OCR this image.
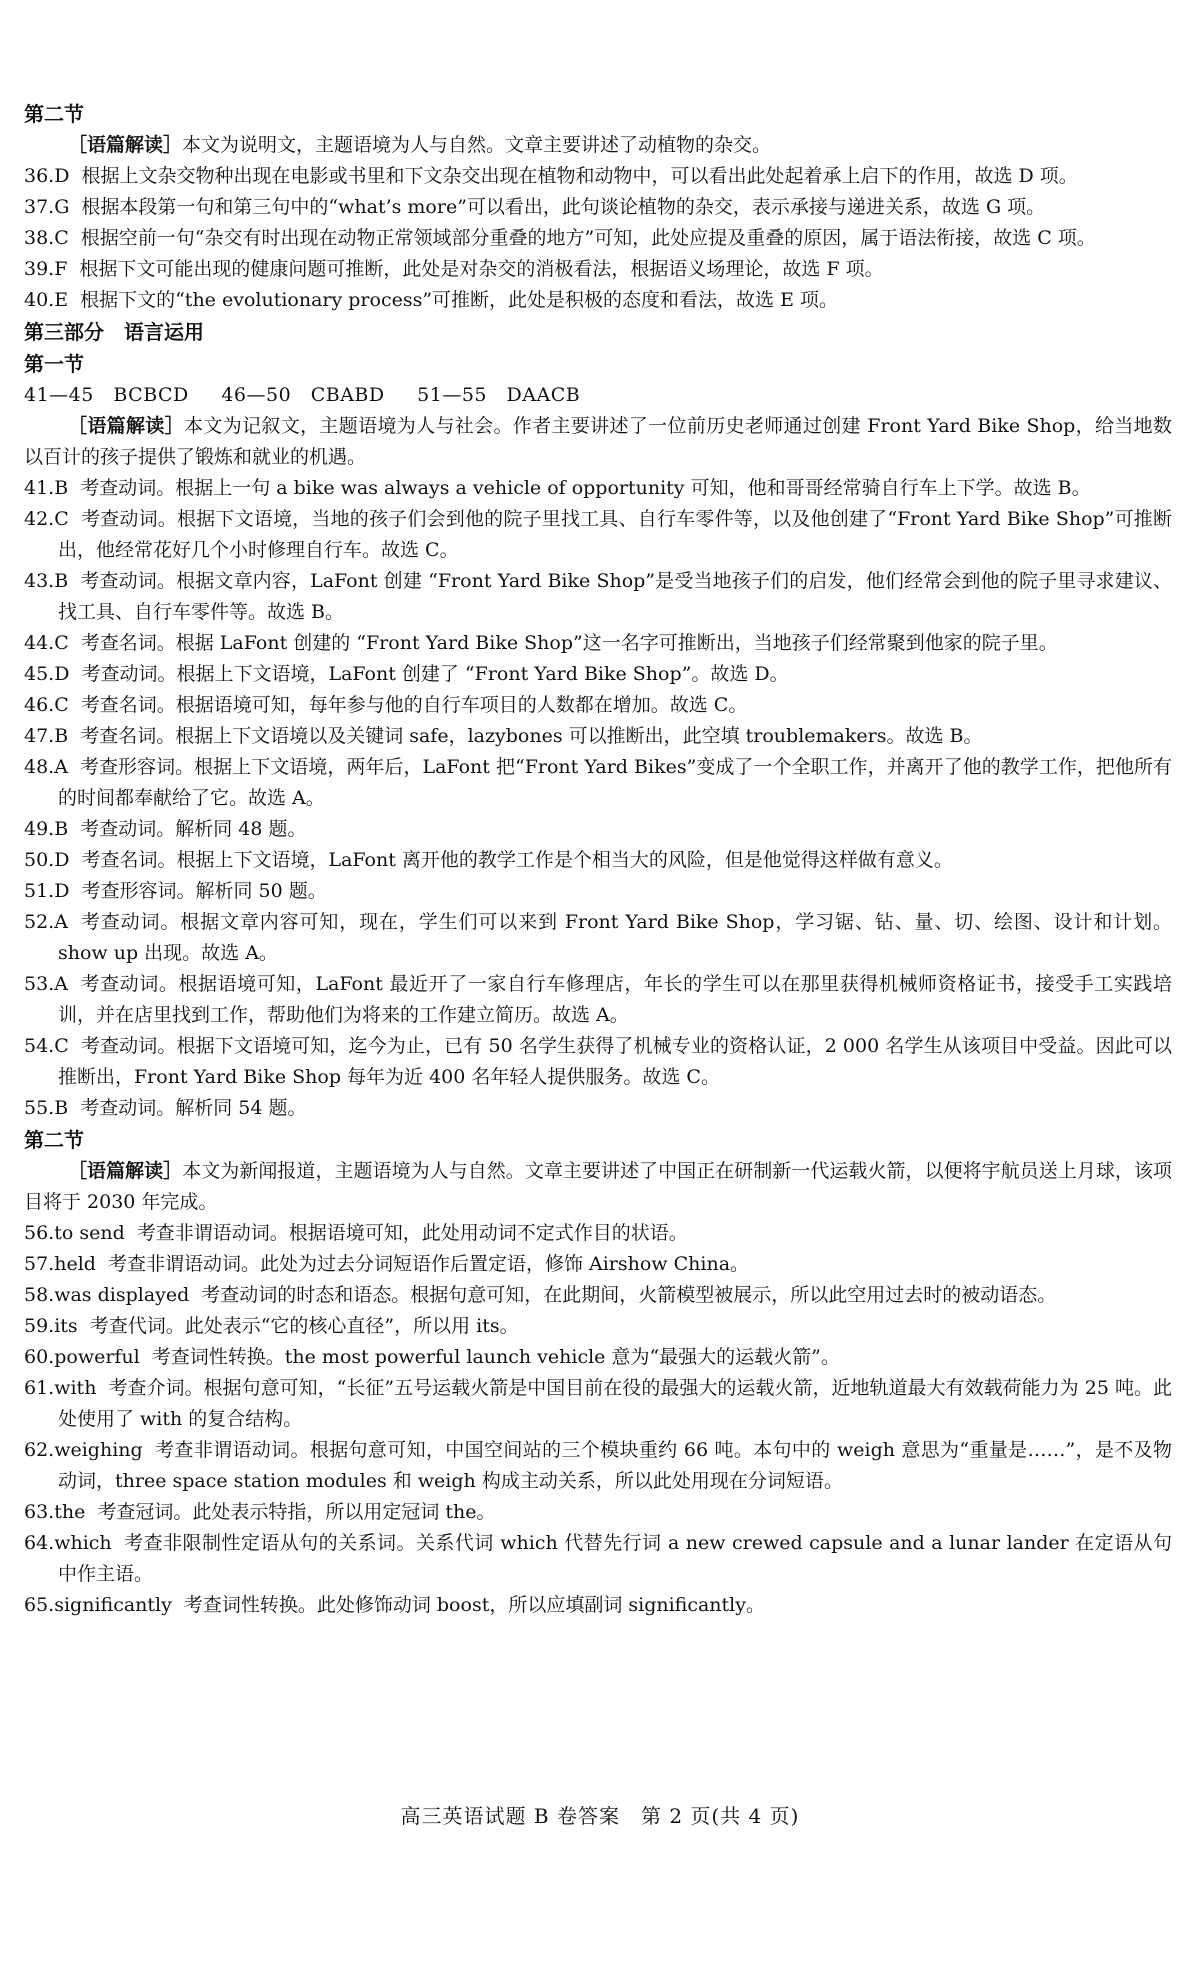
第二节

［语篇解读］本文为说明文，主题语境为人与自然。文章主要讲述了动植物的杂交。

36.D 根据上文杂交物种出现在电影或书里和下文杂交出现在植物和动物中，可以看出此处起着承上启下的作用，故选 D 项。

37.G 根据本段第一句和第三句中的“what’s more”可以看出，此句谈论植物的杂交，表示承接与递进关系，故选 G 项。

38.C 根据空前一句“杂交有时出现在动物正常领域部分重叠的地方”可知，此处应提及重叠的原因，属于语法衔接，故选 C 项。

39.F 根据下文可能出现的健康问题可推断，此处是对杂交的消极看法，根据语义场理论，故选 F 项。

40.E 根据下文的“the evolutionary process”可推断，此处是积极的态度和看法，故选 E 项。

第三部分　语言运用

第一节

41—45　BCBCD 46—50　CBABD 51—55　DAACB

［语篇解读］本文为记叙文，主题语境为人与社会。作者主要讲述了一位前历史老师通过创建 Front Yard Bike Shop，给当地数以百计的孩子提供了锻炼和就业的机遇。

41.B 考查动词。根据上一句 a bike was always a vehicle of opportunity 可知，他和哥哥经常骑自行车上下学。故选 B。

42.C 考查动词。根据下文语境，当地的孩子们会到他的院子里找工具、自行车零件等，以及他创建了“Front Yard Bike Shop”可推断出，他经常花好几个小时修理自行车。故选 C。

43.B 考查动词。根据文章内容，LaFont 创建 “Front Yard Bike Shop”是受当地孩子们的启发，他们经常会到他的院子里寻求建议、找工具、自行车零件等。故选 B。

44.C 考查名词。根据 LaFont 创建的 “Front Yard Bike Shop”这一名字可推断出，当地孩子们经常聚到他家的院子里。

45.D 考查动词。根据上下文语境，LaFont 创建了 “Front Yard Bike Shop”。故选 D。

46.C 考查名词。根据语境可知，每年参与他的自行车项目的人数都在增加。故选 C。

47.B 考查名词。根据上下文语境以及关键词 safe，lazybones 可以推断出，此空填 troublemakers。故选 B。

48.A 考查形容词。根据上下文语境，两年后，LaFont 把“Front Yard Bikes”变成了一个全职工作，并离开了他的教学工作，把他所有的时间都奉献给了它。故选 A。

49.B 考查动词。解析同 48 题。

50.D 考查名词。根据上下文语境，LaFont 离开他的教学工作是个相当大的风险，但是他觉得这样做有意义。

51.D 考查形容词。解析同 50 题。

52.A 考查动词。根据文章内容可知，现在，学生们可以来到 Front Yard Bike Shop，学习锯、钻、量、切、绘图、设计和计划。show up 出现。故选 A。

53.A 考查动词。根据语境可知，LaFont 最近开了一家自行车修理店，年长的学生可以在那里获得机械师资格证书，接受手工实践培训，并在店里找到工作，帮助他们为将来的工作建立简历。故选 A。

54.C 考查动词。根据下文语境可知，迄今为止，已有 50 名学生获得了机械专业的资格认证，2 000 名学生从该项目中受益。因此可以推断出，Front Yard Bike Shop 每年为近 400 名年轻人提供服务。故选 C。

55.B 考查动词。解析同 54 题。

第二节

［语篇解读］本文为新闻报道，主题语境为人与自然。文章主要讲述了中国正在研制新一代运载火箭，以便将宇航员送上月球，该项目将于 2030 年完成。

56.to send 考查非谓语动词。根据语境可知，此处用动词不定式作目的状语。

57.held 考查非谓语动词。此处为过去分词短语作后置定语，修饰 Airshow China。

58.was displayed 考查动词的时态和语态。根据句意可知，在此期间，火箭模型被展示，所以此空用过去时的被动语态。

59.its 考查代词。此处表示“它的核心直径”，所以用 its。

60.powerful 考查词性转换。the most powerful launch vehicle 意为“最强大的运载火箭”。

61.with 考查介词。根据句意可知，“长征”五号运载火箭是中国目前在役的最强大的运载火箭，近地轨道最大有效载荷能力为 25 吨。此处使用了 with 的复合结构。

62.weighing 考查非谓语动词。根据句意可知，中国空间站的三个模块重约 66 吨。本句中的 weigh 意思为“重量是……”，是不及物动词，three space station modules 和 weigh 构成主动关系，所以此处用现在分词短语。

63.the 考查冠词。此处表示特指，所以用定冠词 the。

64.which 考查非限制性定语从句的关系词。关系代词 which 代替先行词 a new crewed capsule and a lunar lander 在定语从句中作主语。

65.significantly 考查词性转换。此处修饰动词 boost，所以应填副词 significantly。

高三英语试题 B 卷答案　第 2 页(共 4 页)
